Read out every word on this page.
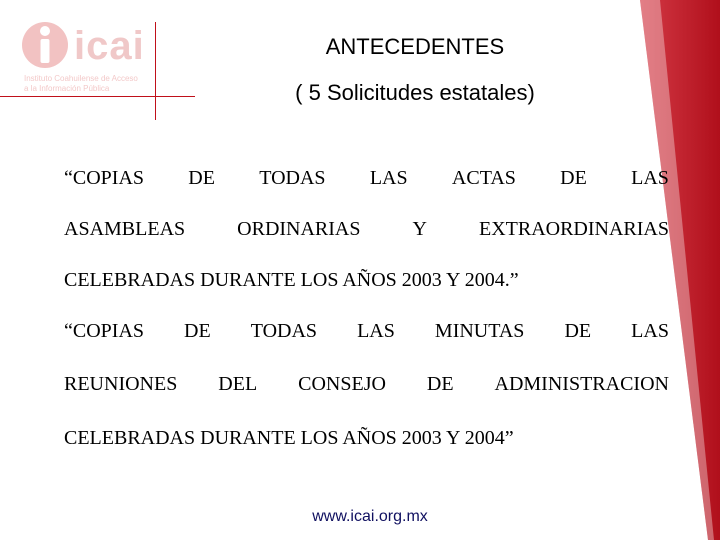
icai
Instituto Coahuilense de Acceso
a la Información Pública
ANTECEDENTES
( 5 Solicitudes estatales)
“COPIAS DE TODAS LAS ACTAS DE LAS
ASAMBLEAS	ORDINARIAS	Y	EXTRAORDINARIAS
CELEBRADAS DURANTE LOS AÑOS 2003 Y 2004.”
“COPIAS DE TODAS LAS MINUTAS DE LAS
REUNIONES DEL CONSEJO DE ADMINISTRACION
CELEBRADAS DURANTE LOS AÑOS 2003 Y 2004”
www.icai.org.mx
